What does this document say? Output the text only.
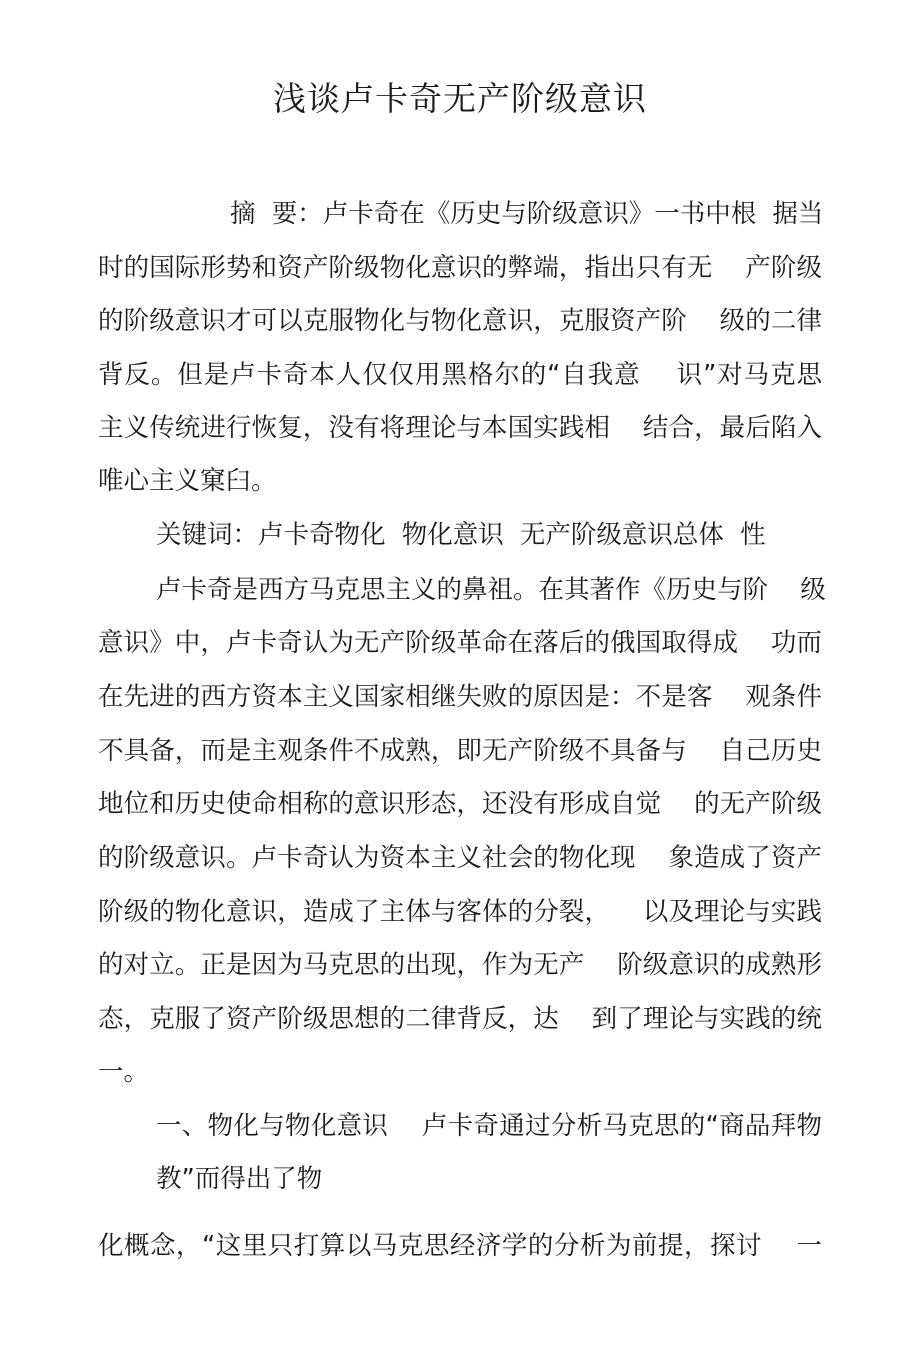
浅谈卢卡奇无产阶级意识

摘  要：卢卡奇在《历史与阶级意识》一书中根  据当

时的国际形势和资产阶级物化意识的弊端，指出只有无    产阶级

的阶级意识才可以克服物化与物化意识，克服资产阶    级的二律

背反。但是卢卡奇本人仅仅用黑格尔的“自我意    识”对马克思

主义传统进行恢复，没有将理论与本国实践相    结合，最后陷入

唯心主义窠臼。

关键词：卢卡奇物化  物化意识  无产阶级意识总体  性

卢卡奇是西方马克思主义的鼻祖。在其著作《历史与阶    级

意识》中，卢卡奇认为无产阶级革命在落后的俄国取得成    功而

在先进的西方资本主义国家相继失败的原因是：不是客    观条件

不具备，而是主观条件不成熟，即无产阶级不具备与    自己历史

地位和历史使命相称的意识形态，还没有形成自觉    的无产阶级

的阶级意识。卢卡奇认为资本主义社会的物化现    象造成了资产

阶级的物化意识，造成了主体与客体的分裂，    以及理论与实践

的对立。正是因为马克思的出现，作为无产    阶级意识的成熟形

态，克服了资产阶级思想的二律背反，达    到了理论与实践的统

一。

一、物化与物化意识    卢卡奇通过分析马克思的“商品拜物

教”而得出了物

化概念，“这里只打算以马克思经济学的分析为前提，探讨    一
